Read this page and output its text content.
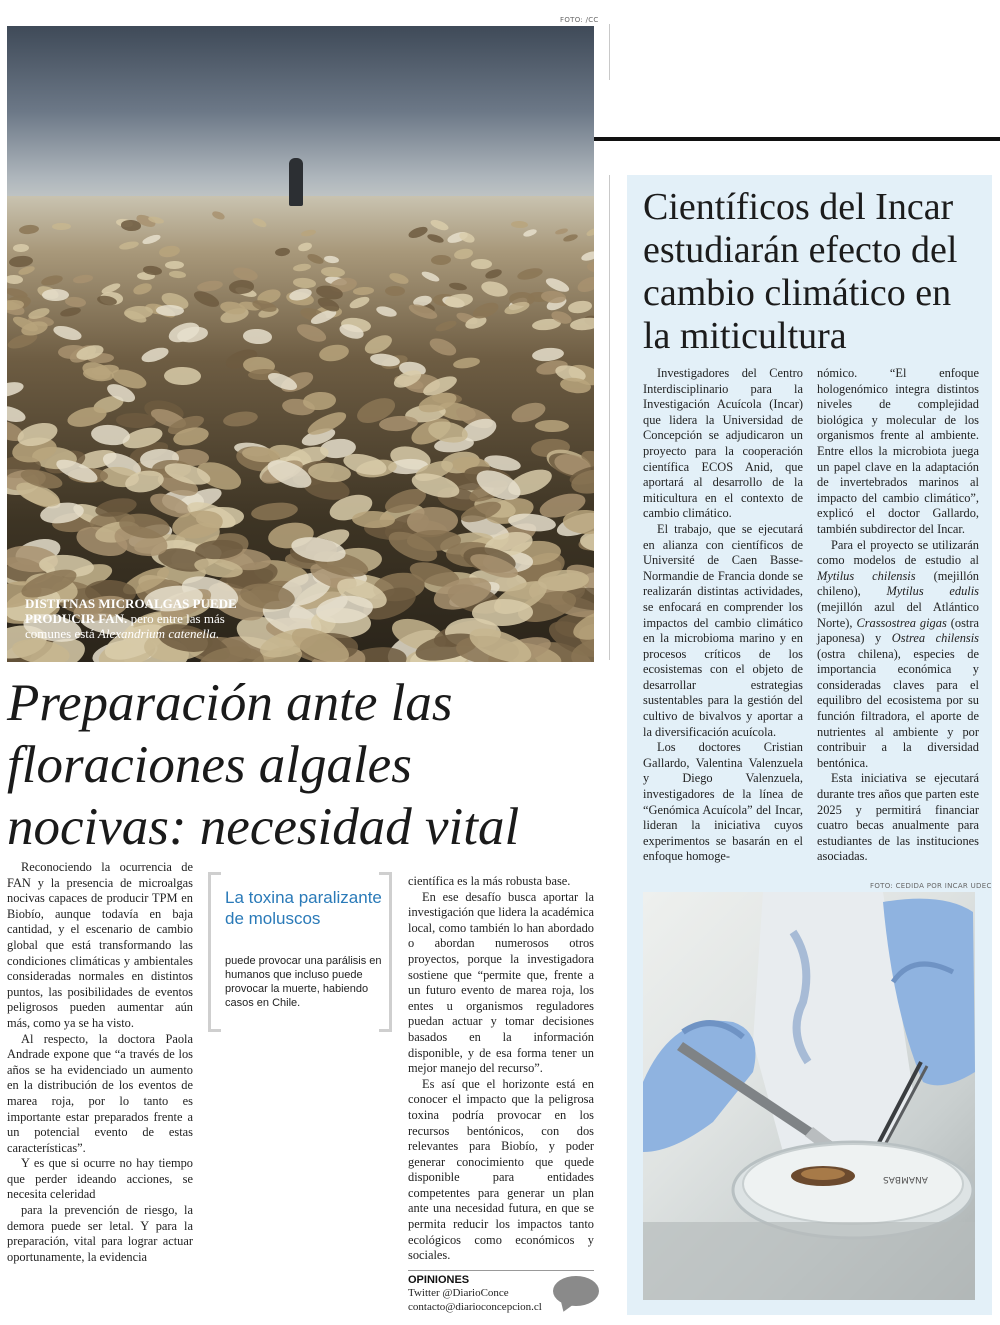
FOTO: /CC
DISTITNAS MICROALGAS PUEDE PRODUCIR FAN. pero entre las más comunes está Alexandrium catenella.
Científicos del Incar estudiarán efecto del cambio climático en la miticultura

Investigadores del Centro Interdisciplinario para la Investigación Acuícola (Incar) que lidera la Universidad de Concepción se adjudicaron un proyecto para la cooperación científica ECOS Anid, que aportará al desarrollo de la miticultura en el contexto de cambio climático.

El trabajo, que se ejecutará en alianza con científicos de Université de Caen Basse-Normandie de Francia donde se realizarán distintas actividades, se enfocará en comprender los impactos del cambio climático en la microbioma marino y en procesos críticos de los ecosistemas con el objeto de desarrollar estrategias sustentables para la gestión del cultivo de bivalvos y aportar a la diversificación acuícola.

Los doctores Cristian Gallardo, Valentina Valenzuela y Diego Valenzuela, investigadores de la línea de “Genómica Acuícola” del Incar, lideran la iniciativa cuyos experimentos se basarán en el enfoque homoge-

nómico. “El enfoque hologenómico integra distintos niveles de complejidad biológica y molecular de los organismos frente al ambiente. Entre ellos la microbiota juega un papel clave en la adaptación de invertebrados marinos al impacto del cambio climático”, explicó el doctor Gallardo, también subdirector del Incar.

Para el proyecto se utilizarán como modelos de estudio al Mytilus chilensis (mejillón chileno), Mytilus edulis (mejillón azul del Atlántico Norte), Crassostrea gigas (ostra japonesa) y Ostrea chilensis (ostra chilena), especies de importancia económica y consideradas claves para el equilibro del ecosistema por su función filtradora, el aporte de nutrientes al ambiente y por contribuir a la diversidad bentónica.

Esta iniciativa se ejecutará durante tres años que parten este 2025 y permitirá financiar cuatro becas anualmente para estudiantes de las instituciones asociadas.

FOTO: CEDIDA POR INCAR UDEC
ANAMBAS
Preparación ante las floraciones algales nocivas: necesidad vital

Reconociendo la ocurrencia de FAN y la presencia de microalgas nocivas capaces de producir TPM en Biobío, aunque todavía en baja cantidad, y el escenario de cambio global que está transformando las condiciones climáticas y ambientales consideradas normales en distintos puntos, las posibilidades de eventos peligrosos pueden aumentar aún más, como ya se ha visto.

Al respecto, la doctora Paola Andrade expone que “a través de los años se ha evidenciado un aumento en la distribución de los eventos de marea roja, por lo tanto es importante estar preparados frente a un potencial evento de estas características”.

Y es que si ocurre no hay tiempo que perder ideando acciones, se necesita celeridad

para la prevención de riesgo, la demora puede ser letal. Y para la preparación, vital para lograr actuar oportunamente, la evidencia

La toxina paralizante de moluscos
puede provocar una parálisis en humanos que incluso puede provocar la muerte, habiendo casos en Chile.

científica es la más robusta base.

En ese desafío busca aportar la investigación que lidera la académica local, como también lo han abordado o abordan numerosos otros proyectos, porque la investigadora sostiene que “permite que, frente a un futuro evento de marea roja, los entes u organismos reguladores puedan actuar y tomar decisiones basados en la información disponible, y de esa forma tener un mejor manejo del recurso”.

Es así que el horizonte está en conocer el impacto que la peligrosa toxina podría provocar en los recursos bentónicos, con dos relevantes para Biobío, y poder generar conocimiento que quede disponible para entidades competentes para generar un plan ante una necesidad futura, en que se permita reducir los impactos tanto ecológicos como económicos y sociales.

OPINIONES
Twitter @DiarioConce
contacto@diarioconcepcion.cl
